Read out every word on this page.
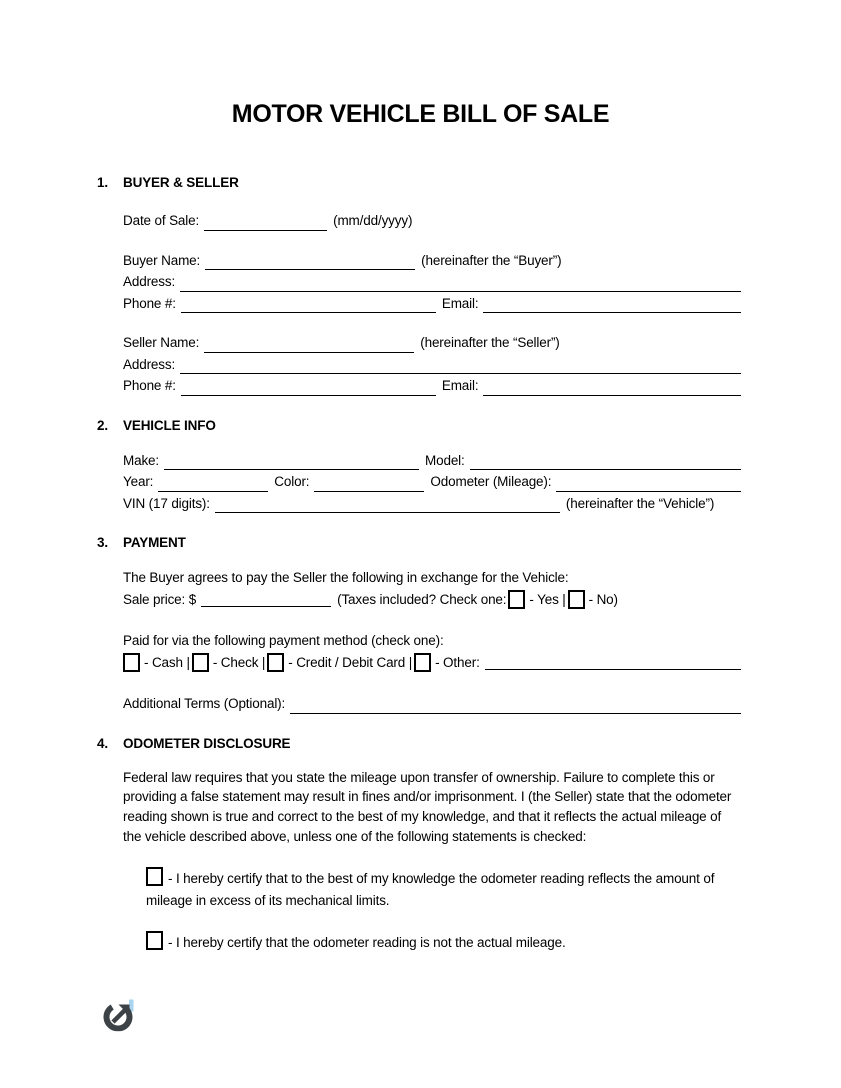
MOTOR VEHICLE BILL OF SALE
1.	BUYER & SELLER
Date of Sale:	(mm/dd/yyyy)
Buyer Name:	(hereinafter the “Buyer”)
Address:
Phone #:	Email:
Seller Name:	(hereinafter the “Seller”)
Address:
Phone #:	Email:
2.	VEHICLE INFO
Make:	Model:
Year:	Color:	Odometer (Mileage):
VIN (17 digits):	(hereinafter the “Vehicle”)
3.	PAYMENT
The Buyer agrees to pay the Seller the following in exchange for the Vehicle:
Sale price: $	(Taxes included? Check one: - Yes | - No)
Paid for via the following payment method (check one):
- Cash | - Check | - Credit / Debit Card | - Other:
Additional Terms (Optional):
4.	ODOMETER DISCLOSURE
Federal law requires that you state the mileage upon transfer of ownership. Failure to complete this or providing a false statement may result in fines and/or imprisonment. I (the Seller) state that the odometer reading shown is true and correct to the best of my knowledge, and that it reflects the actual mileage of the vehicle described above, unless one of the following statements is checked:
- I hereby certify that to the best of my knowledge the odometer reading reflects the amount of mileage in excess of its mechanical limits.
- I hereby certify that the odometer reading is not the actual mileage.
